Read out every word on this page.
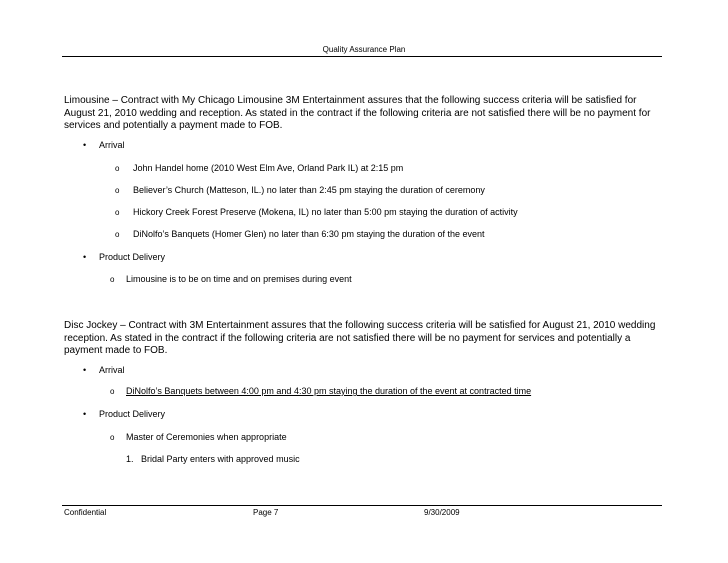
Quality Assurance Plan
Limousine – Contract with My Chicago Limousine 3M Entertainment assures that the following success criteria will be satisfied for August 21, 2010 wedding and reception. As stated in the contract if the following criteria are not satisfied there will be no payment for services and potentially a payment made to FOB.
• Arrival
o John Handel home (2010 West Elm Ave, Orland Park IL) at 2:15 pm
o Believer’s Church (Matteson, IL.) no later than 2:45 pm staying the duration of ceremony
o Hickory Creek Forest Preserve (Mokena, IL) no later than 5:00 pm staying the duration of activity
o DiNolfo’s Banquets (Homer Glen) no later than 6:30 pm staying the duration of the event
• Product Delivery
o Limousine is to be on time and on premises during event
Disc Jockey – Contract with 3M Entertainment assures that the following success criteria will be satisfied for August 21, 2010 wedding reception. As stated in the contract if the following criteria are not satisfied there will be no payment for services and potentially a payment made to FOB.
• Arrival
o DiNolfo’s Banquets between 4:00 pm and 4:30 pm staying the duration of the event at contracted time
• Product Delivery
o Master of Ceremonies when appropriate
1. Bridal Party enters with approved music
Confidential	Page 7	9/30/2009
